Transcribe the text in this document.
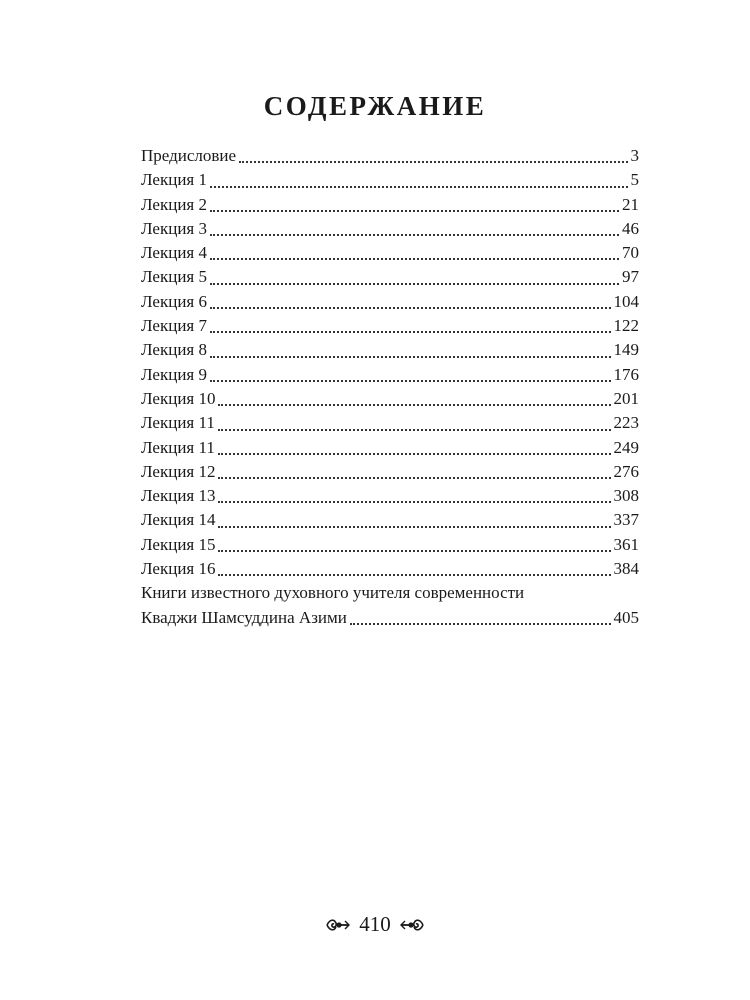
СОДЕРЖАНИЕ
Предисловие	3
Лекция 1	5
Лекция 2	21
Лекция 3	46
Лекция 4	70
Лекция 5	97
Лекция 6	104
Лекция 7	122
Лекция 8	149
Лекция 9	176
Лекция 10	201
Лекция 11	223
Лекция 11	249
Лекция 12	276
Лекция 13	308
Лекция 14	337
Лекция 15	361
Лекция 16	384
Книги известного духовного учителя современности
Кваджи Шамсуддина Азими	405
410
